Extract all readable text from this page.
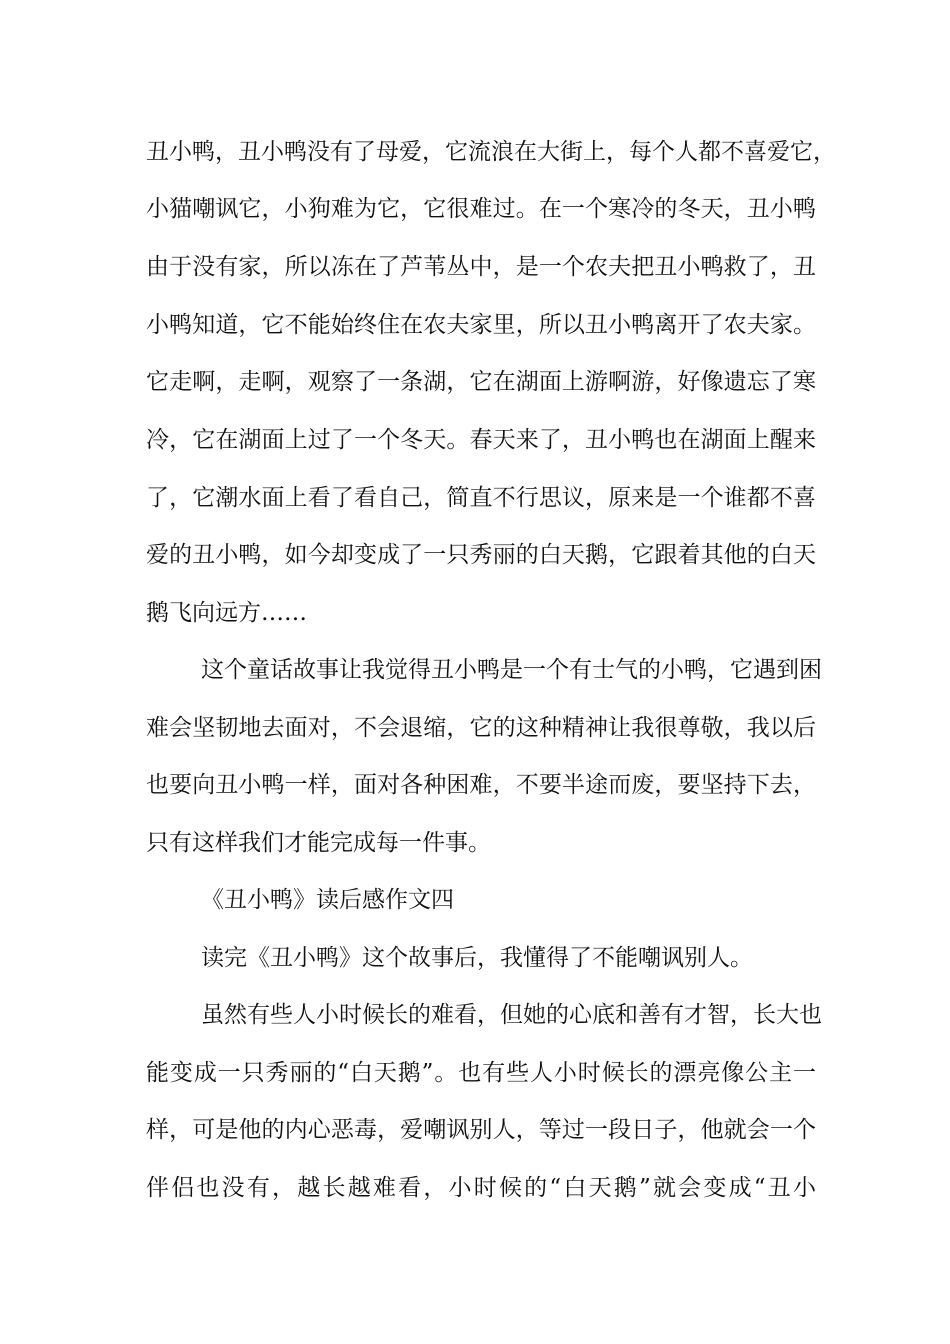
丑小鸭，丑小鸭没有了母爱，它流浪在大街上，每个人都不喜爱它，
小猫嘲讽它，小狗难为它，它很难过。在一个寒冷的冬天，丑小鸭
由于没有家，所以冻在了芦苇丛中，是一个农夫把丑小鸭救了，丑
小鸭知道，它不能始终住在农夫家里，所以丑小鸭离开了农夫家。
它走啊，走啊，观察了一条湖，它在湖面上游啊游，好像遗忘了寒
冷，它在湖面上过了一个冬天。春天来了，丑小鸭也在湖面上醒来
了，它潮水面上看了看自己，简直不行思议，原来是一个谁都不喜
爱的丑小鸭，如今却变成了一只秀丽的白天鹅，它跟着其他的白天
鹅飞向远方……
这个童话故事让我觉得丑小鸭是一个有士气的小鸭，它遇到困
难会坚韧地去面对，不会退缩，它的这种精神让我很尊敬，我以后
也要向丑小鸭一样，面对各种困难，不要半途而废，要坚持下去，
只有这样我们才能完成每一件事。
《丑小鸭》读后感作文四
读完《丑小鸭》这个故事后，我懂得了不能嘲讽别人。
虽然有些人小时候长的难看，但她的心底和善有才智，长大也
能变成一只秀丽的“白天鹅”。也有些人小时候长的漂亮像公主一
样，可是他的内心恶毒，爱嘲讽别人，等过一段日子，他就会一个
伴侣也没有，越长越难看，小时候的“白天鹅”就会变成“丑小
